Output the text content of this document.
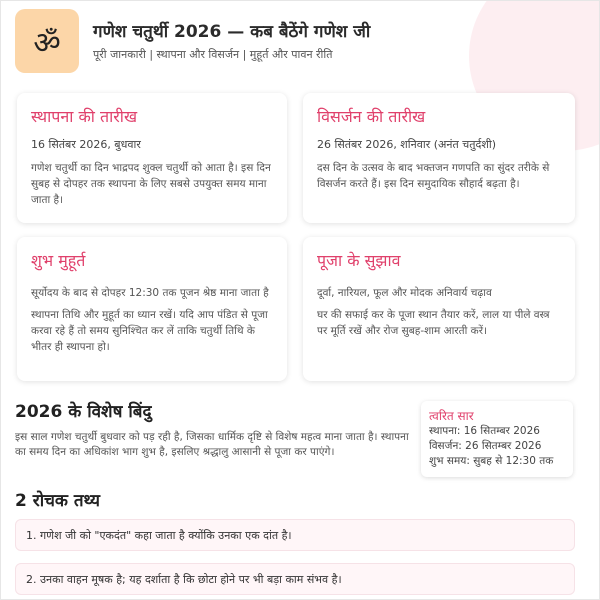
ॐ	गणेश चतुर्थी 2026 — कब बैठेंगे गणेश जी
पूरी जानकारी | स्थापना और विसर्जन | मुहूर्त और पावन रीति
स्थापना की तारीख
16 सितंबर 2026, बुधवार
गणेश चतुर्थी का दिन भाद्रपद शुक्ल चतुर्थी को आता है। इस दिन सुबह से दोपहर तक स्थापना के लिए सबसे उपयुक्त समय माना जाता है।
विसर्जन की तारीख
26 सितंबर 2026, शनिवार (अनंत चतुर्दशी)
दस दिन के उत्सव के बाद भक्तजन गणपति का सुंदर तरीके से विसर्जन करते हैं। इस दिन समुदायिक सौहार्द बढ़ता है।
शुभ मुहूर्त
सूर्योदय के बाद से दोपहर 12:30 तक पूजन श्रेष्ठ माना जाता है
स्थापना तिथि और मुहूर्त का ध्यान रखें। यदि आप पंडित से पूजा करवा रहे हैं तो समय सुनिश्चित कर लें ताकि चतुर्थी तिथि के भीतर ही स्थापना हो।
पूजा के सुझाव
दूर्वा, नारियल, फूल और मोदक अनिवार्य चढ़ाव
घर की सफाई कर के पूजा स्थान तैयार करें, लाल या पीले वस्त्र पर मूर्ति रखें और रोज सुबह-शाम आरती करें।
2026 के विशेष बिंदु

इस साल गणेश चतुर्थी बुधवार को पड़ रही है, जिसका धार्मिक दृष्टि से विशेष महत्व माना जाता है। स्थापना का समय दिन का अधिकांश भाग शुभ है, इसलिए श्रद्धालु आसानी से पूजा कर पाएंगे।

त्वरित सार
स्थापना: 16 सितम्बर 2026
विसर्जन: 26 सितम्बर 2026
शुभ समय: सुबह से 12:30 तक
2 रोचक तथ्य
1. गणेश जी को "एकदंत" कहा जाता है क्योंकि उनका एक दांत है।
2. उनका वाहन मूषक है; यह दर्शाता है कि छोटा होने पर भी बड़ा काम संभव है।
